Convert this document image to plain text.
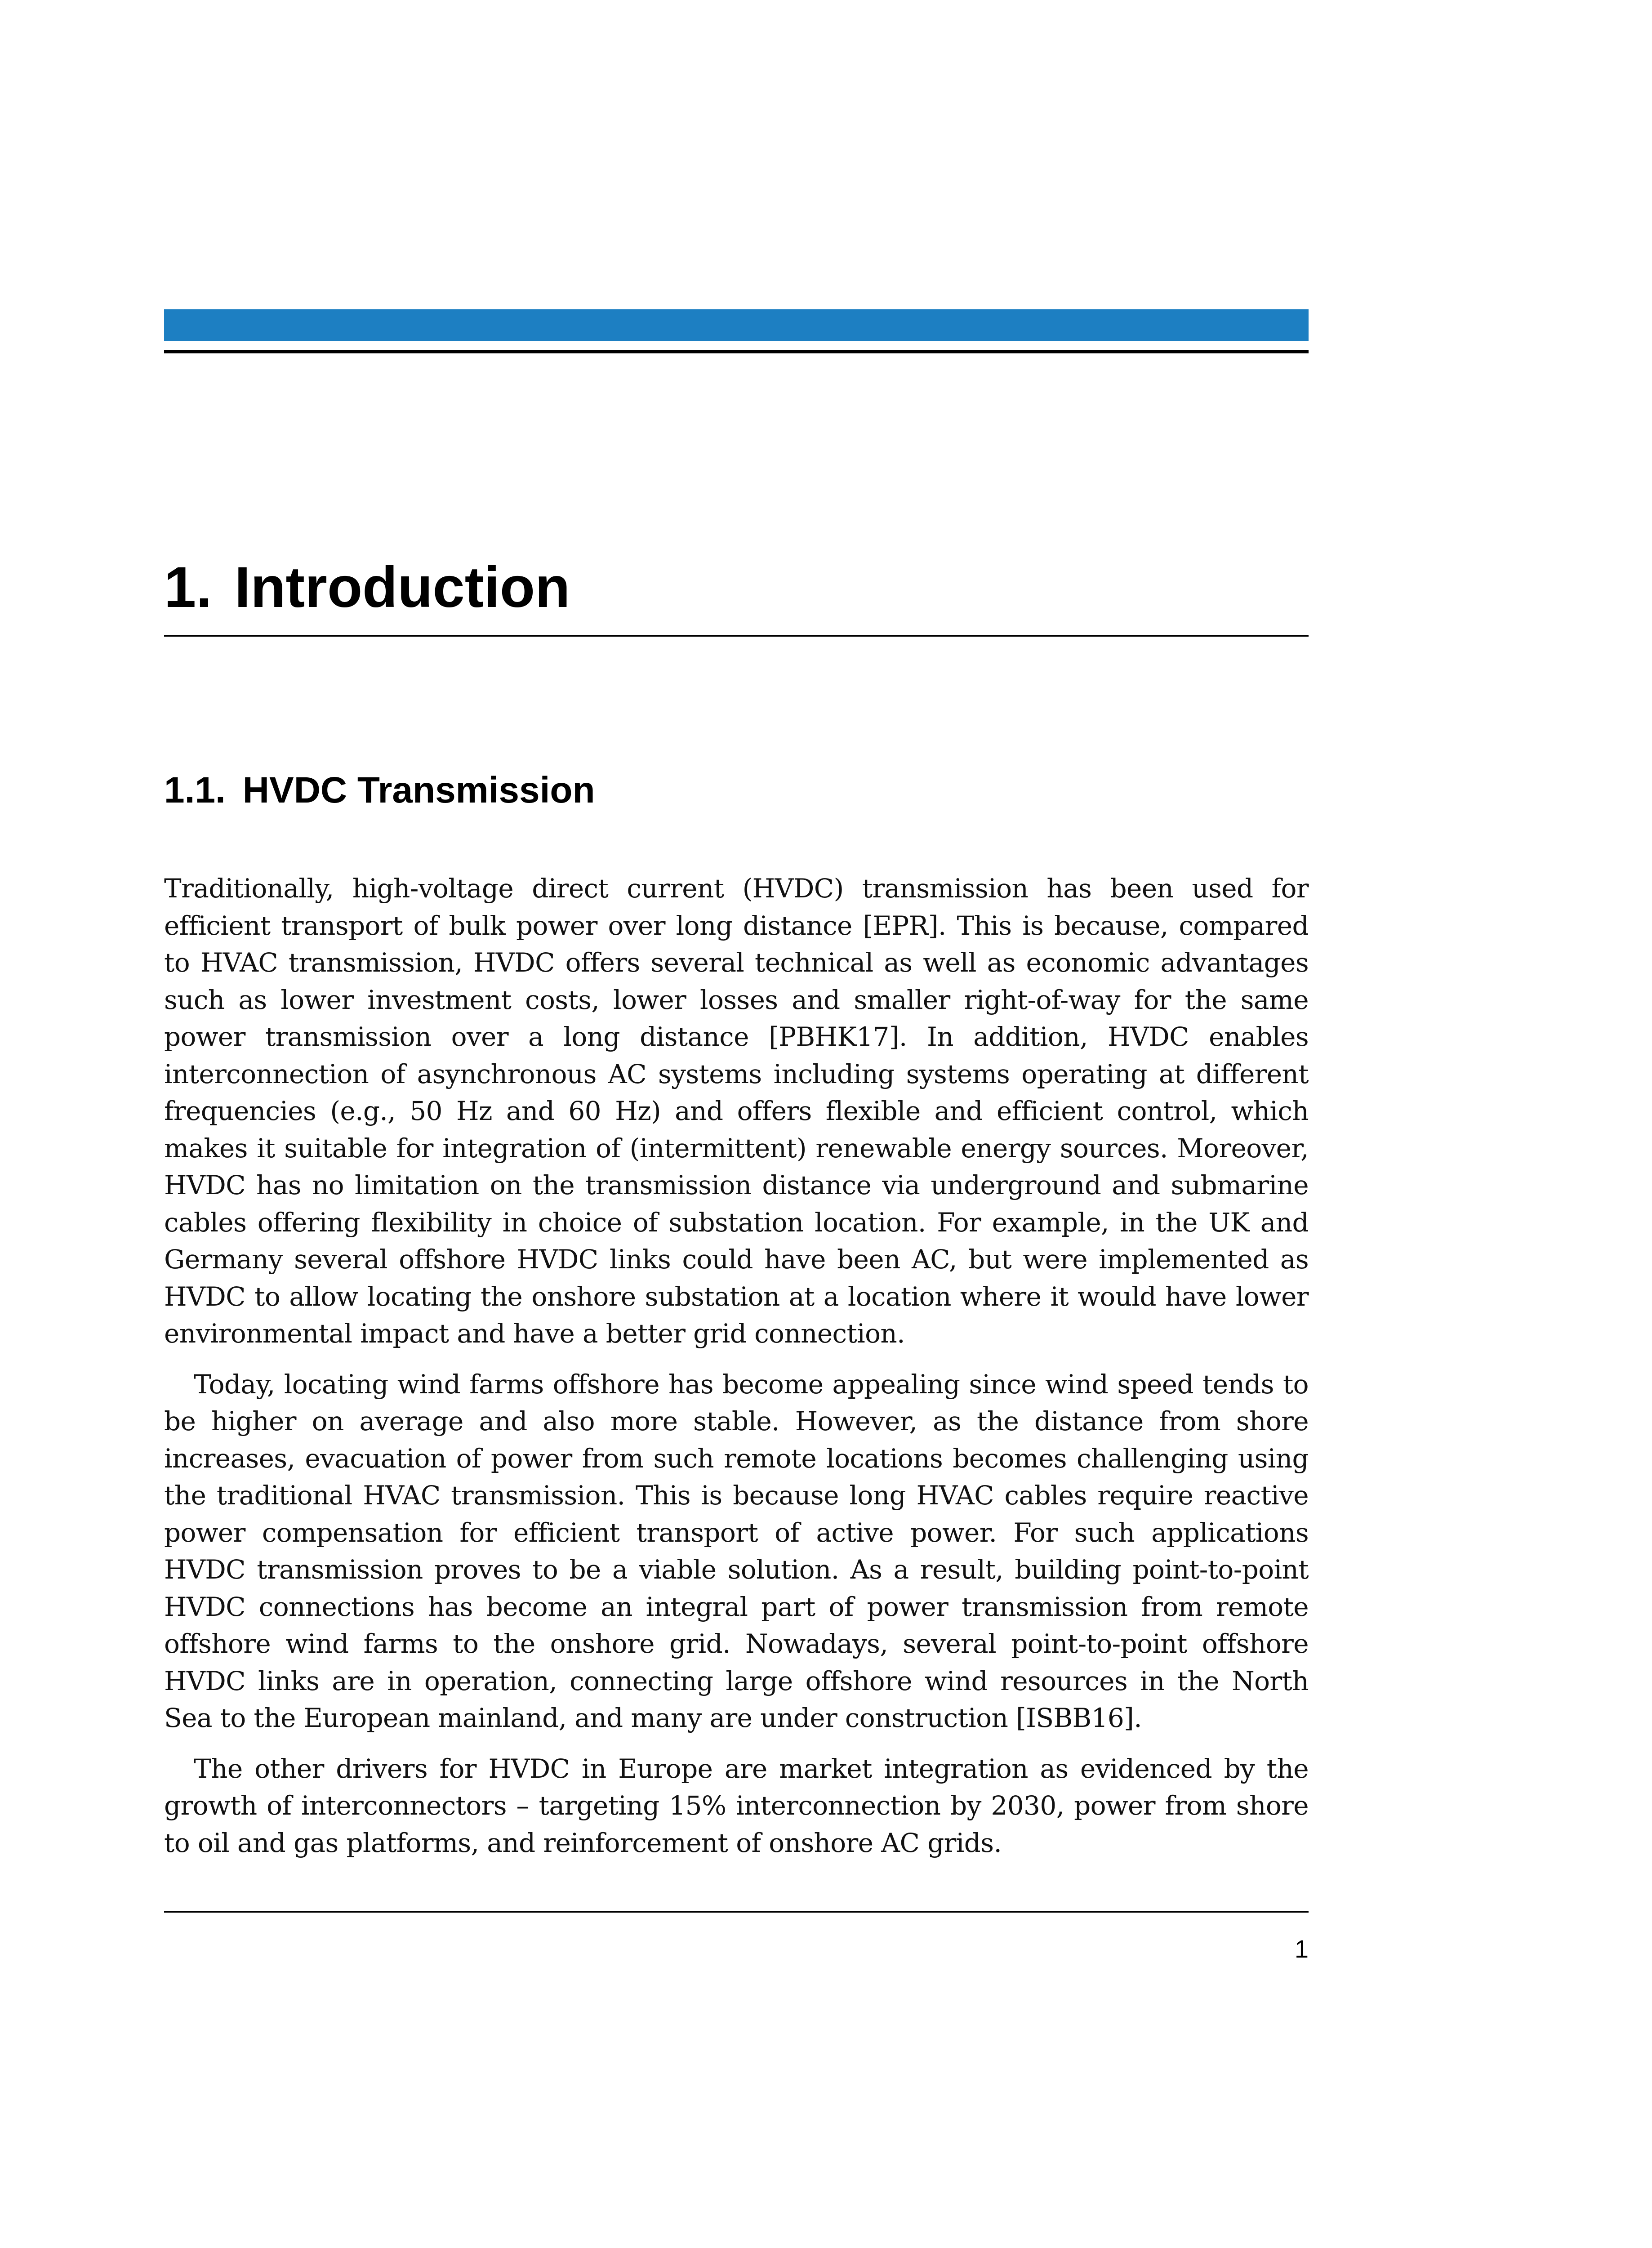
1. Introduction
1.1. HVDC Transmission

Traditionally, high-voltage direct current (HVDC) transmission has been used for efficient transport of bulk power over long distance [EPR]. This is because, compared to HVAC transmission, HVDC offers several technical as well as economic advantages such as lower investment costs, lower losses and smaller right-of-way for the same power transmission over a long distance [PBHK17]. In addition, HVDC enables interconnection of asynchronous AC systems including systems operating at different frequencies (e.g., 50 Hz and 60 Hz) and offers flexible and efficient control, which makes it suitable for integration of (intermittent) renewable energy sources. Moreover, HVDC has no limitation on the transmission distance via underground and submarine cables offering flexibility in choice of substation location. For example, in the UK and Germany several offshore HVDC links could have been AC, but were implemented as HVDC to allow locating the onshore substation at a location where it would have lower environmental impact and have a better grid connection.

Today, locating wind farms offshore has become appealing since wind speed tends to be higher on average and also more stable. However, as the distance from shore increases, evacuation of power from such remote locations becomes challenging using the traditional HVAC transmission. This is because long HVAC cables require reactive power compensation for efficient transport of active power. For such applications HVDC transmission proves to be a viable solution. As a result, building point-to-point HVDC connections has become an integral part of power transmission from remote offshore wind farms to the onshore grid. Nowadays, several point-to-point offshore HVDC links are in operation, connecting large offshore wind resources in the North Sea to the European mainland, and many are under construction [ISBB16].

The other drivers for HVDC in Europe are market integration as evidenced by the growth of interconnectors – targeting 15% interconnection by 2030, power from shore to oil and gas platforms, and reinforcement of onshore AC grids.

1
